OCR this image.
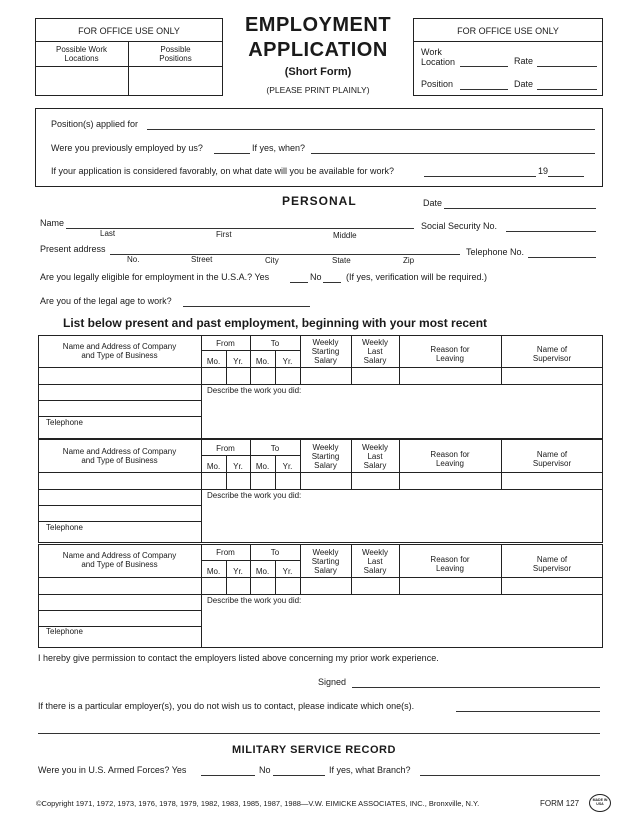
FOR OFFICE USE ONLY
Possible Work
Locations
Possible
Positions
EMPLOYMENT
APPLICATION
(Short Form)
(PLEASE PRINT PLAINLY)
FOR OFFICE USE ONLY
Work
Location	Rate
Position	Date
Position(s) applied for
Were you previously employed by us?	If yes, when?
If your application is considered favorably, on what date will you be available for work?	19
PERSONAL	Date
Name
Last	First	Middle
Social Security No.
Present address
No.	Street	City	State	Zip
Telephone No.
Are you legally eligible for employment in the U.S.A.? Yes	No	(If yes, verification will be required.)
Are you of the legal age to work?
List below present and past employment, beginning with your most recent
Name and Address of Company
and Type of Business
From	To
Mo.	Yr.	Mo.	Yr.
Weekly
Starting
Salary
Weekly
Last
Salary
Reason for
Leaving
Name of
Supervisor
Describe the work you did:
Telephone
Name and Address of Company
and Type of Business
From	To
Mo.	Yr.	Mo.	Yr.
Weekly
Starting
Salary
Weekly
Last
Salary
Reason for
Leaving
Name of
Supervisor
Describe the work you did:
Telephone
Name and Address of Company
and Type of Business
From	To
Mo.	Yr.	Mo.	Yr.
Weekly
Starting
Salary
Weekly
Last
Salary
Reason for
Leaving
Name of
Supervisor
Describe the work you did:
Telephone
I hereby give permission to contact the employers listed above concerning my prior work experience.
Signed
If there is a particular employer(s), you do not wish us to contact, please indicate which one(s).
MILITARY SERVICE RECORD
Were you in U.S. Armed Forces? Yes	No	If yes, what Branch?
©Copyright 1971, 1972, 1973, 1976, 1978, 1979, 1982, 1983, 1985, 1987, 1988—V.W. EIMICKE ASSOCIATES, INC., Bronxville, N.Y.	FORM 127	MADE IN USA
